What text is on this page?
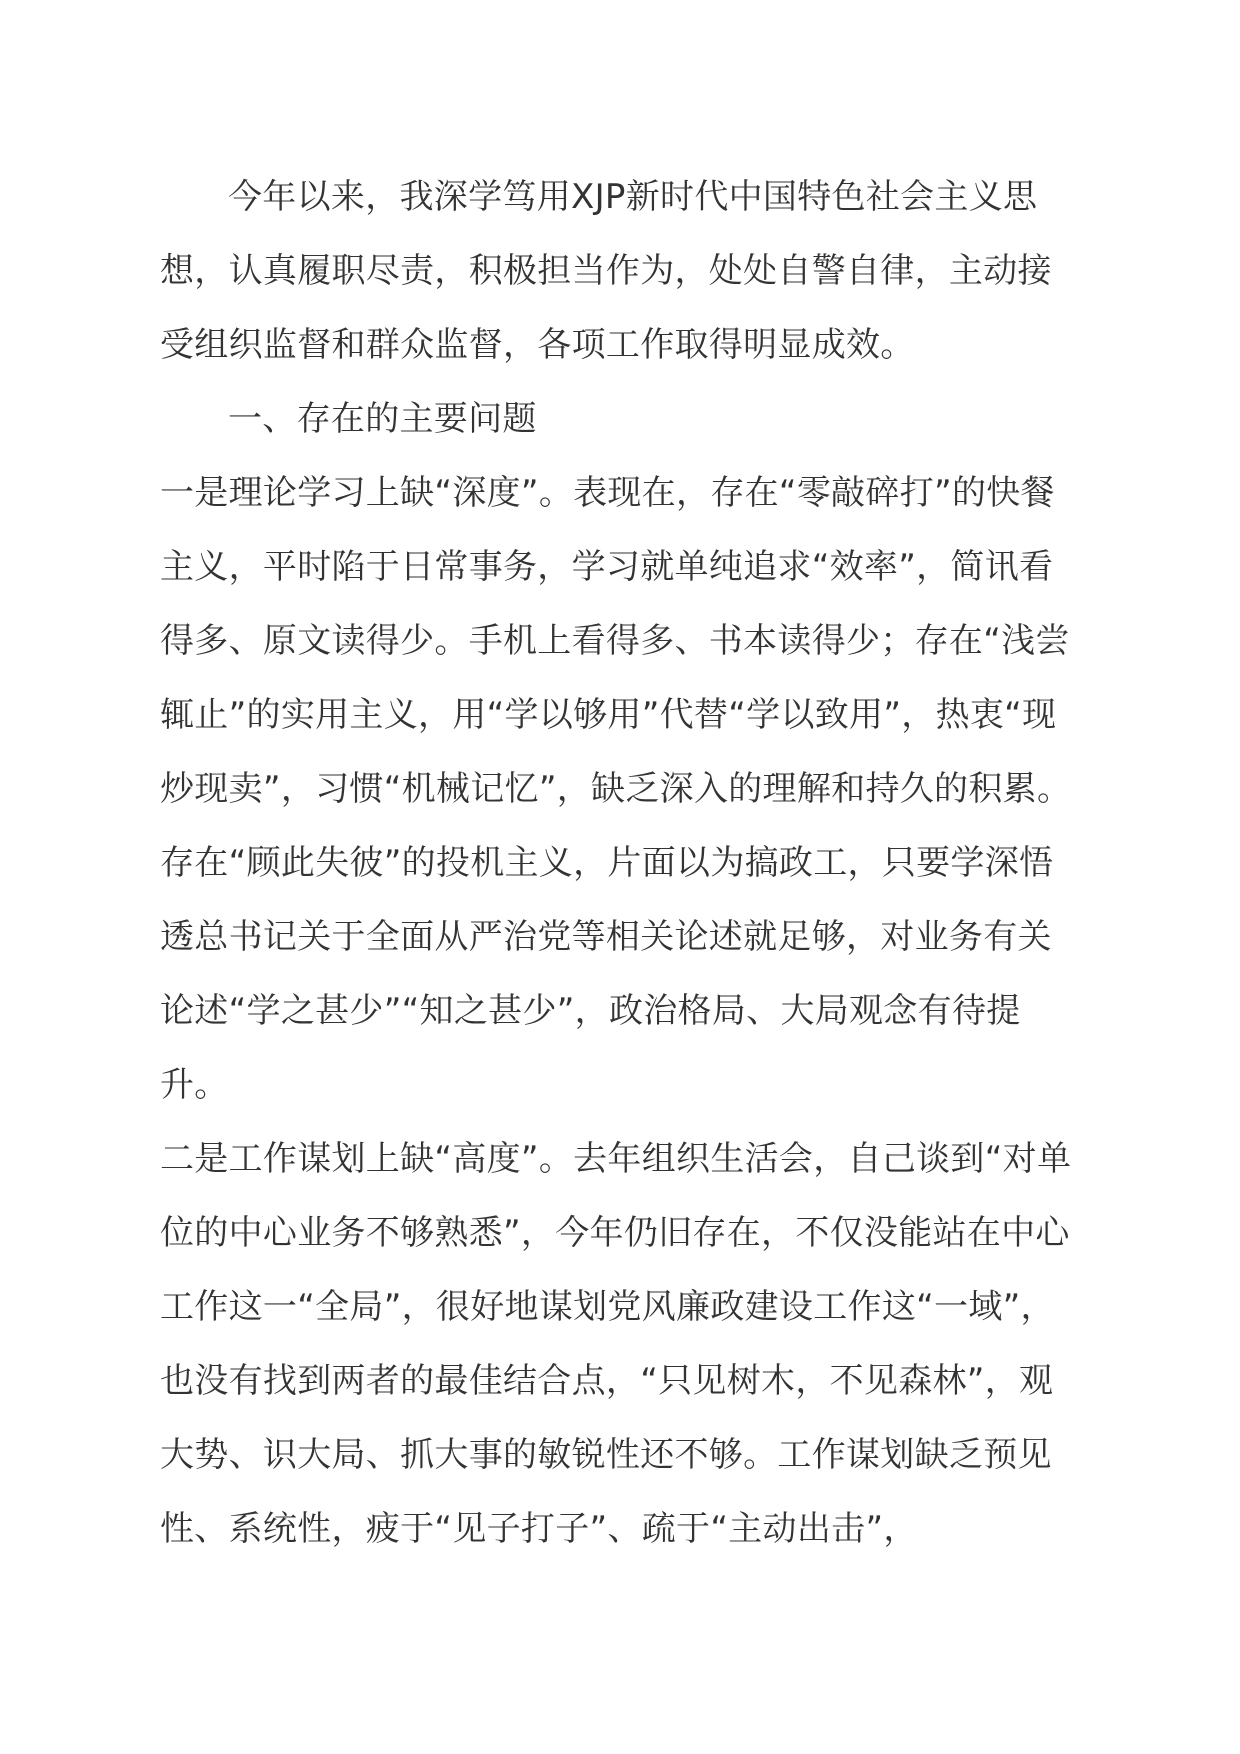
今年以来，我深学笃用XJP新时代中国特色社会主义思想，认真履职尽责，积极担当作为，处处自警自律，主动接受组织监督和群众监督，各项工作取得明显成效。

一、存在的主要问题

一是理论学习上缺“深度”。表现在，存在“零敲碎打”的快餐主义，平时陷于日常事务，学习就单纯追求“效率”，简讯看得多、原文读得少。手机上看得多、书本读得少；存在“浅尝辄止”的实用主义，用“学以够用”代替“学以致用”，热衷“现炒现卖”，习惯“机械记忆”，缺乏深入的理解和持久的积累。存在“顾此失彼”的投机主义，片面以为搞政工，只要学深悟透总书记关于全面从严治党等相关论述就足够，对业务有关论述“学之甚少”“知之甚少”，政治格局、大局观念有待提升。

二是工作谋划上缺“高度”。去年组织生活会，自己谈到“对单位的中心业务不够熟悉”，今年仍旧存在，不仅没能站在中心工作这一“全局”，很好地谋划党风廉政建设工作这“一域”，也没有找到两者的最佳结合点，“只见树木，不见森林”，观大势、识大局、抓大事的敏锐性还不够。工作谋划缺乏预见性、系统性，疲于“见子打子”、疏于“主动出击”，
